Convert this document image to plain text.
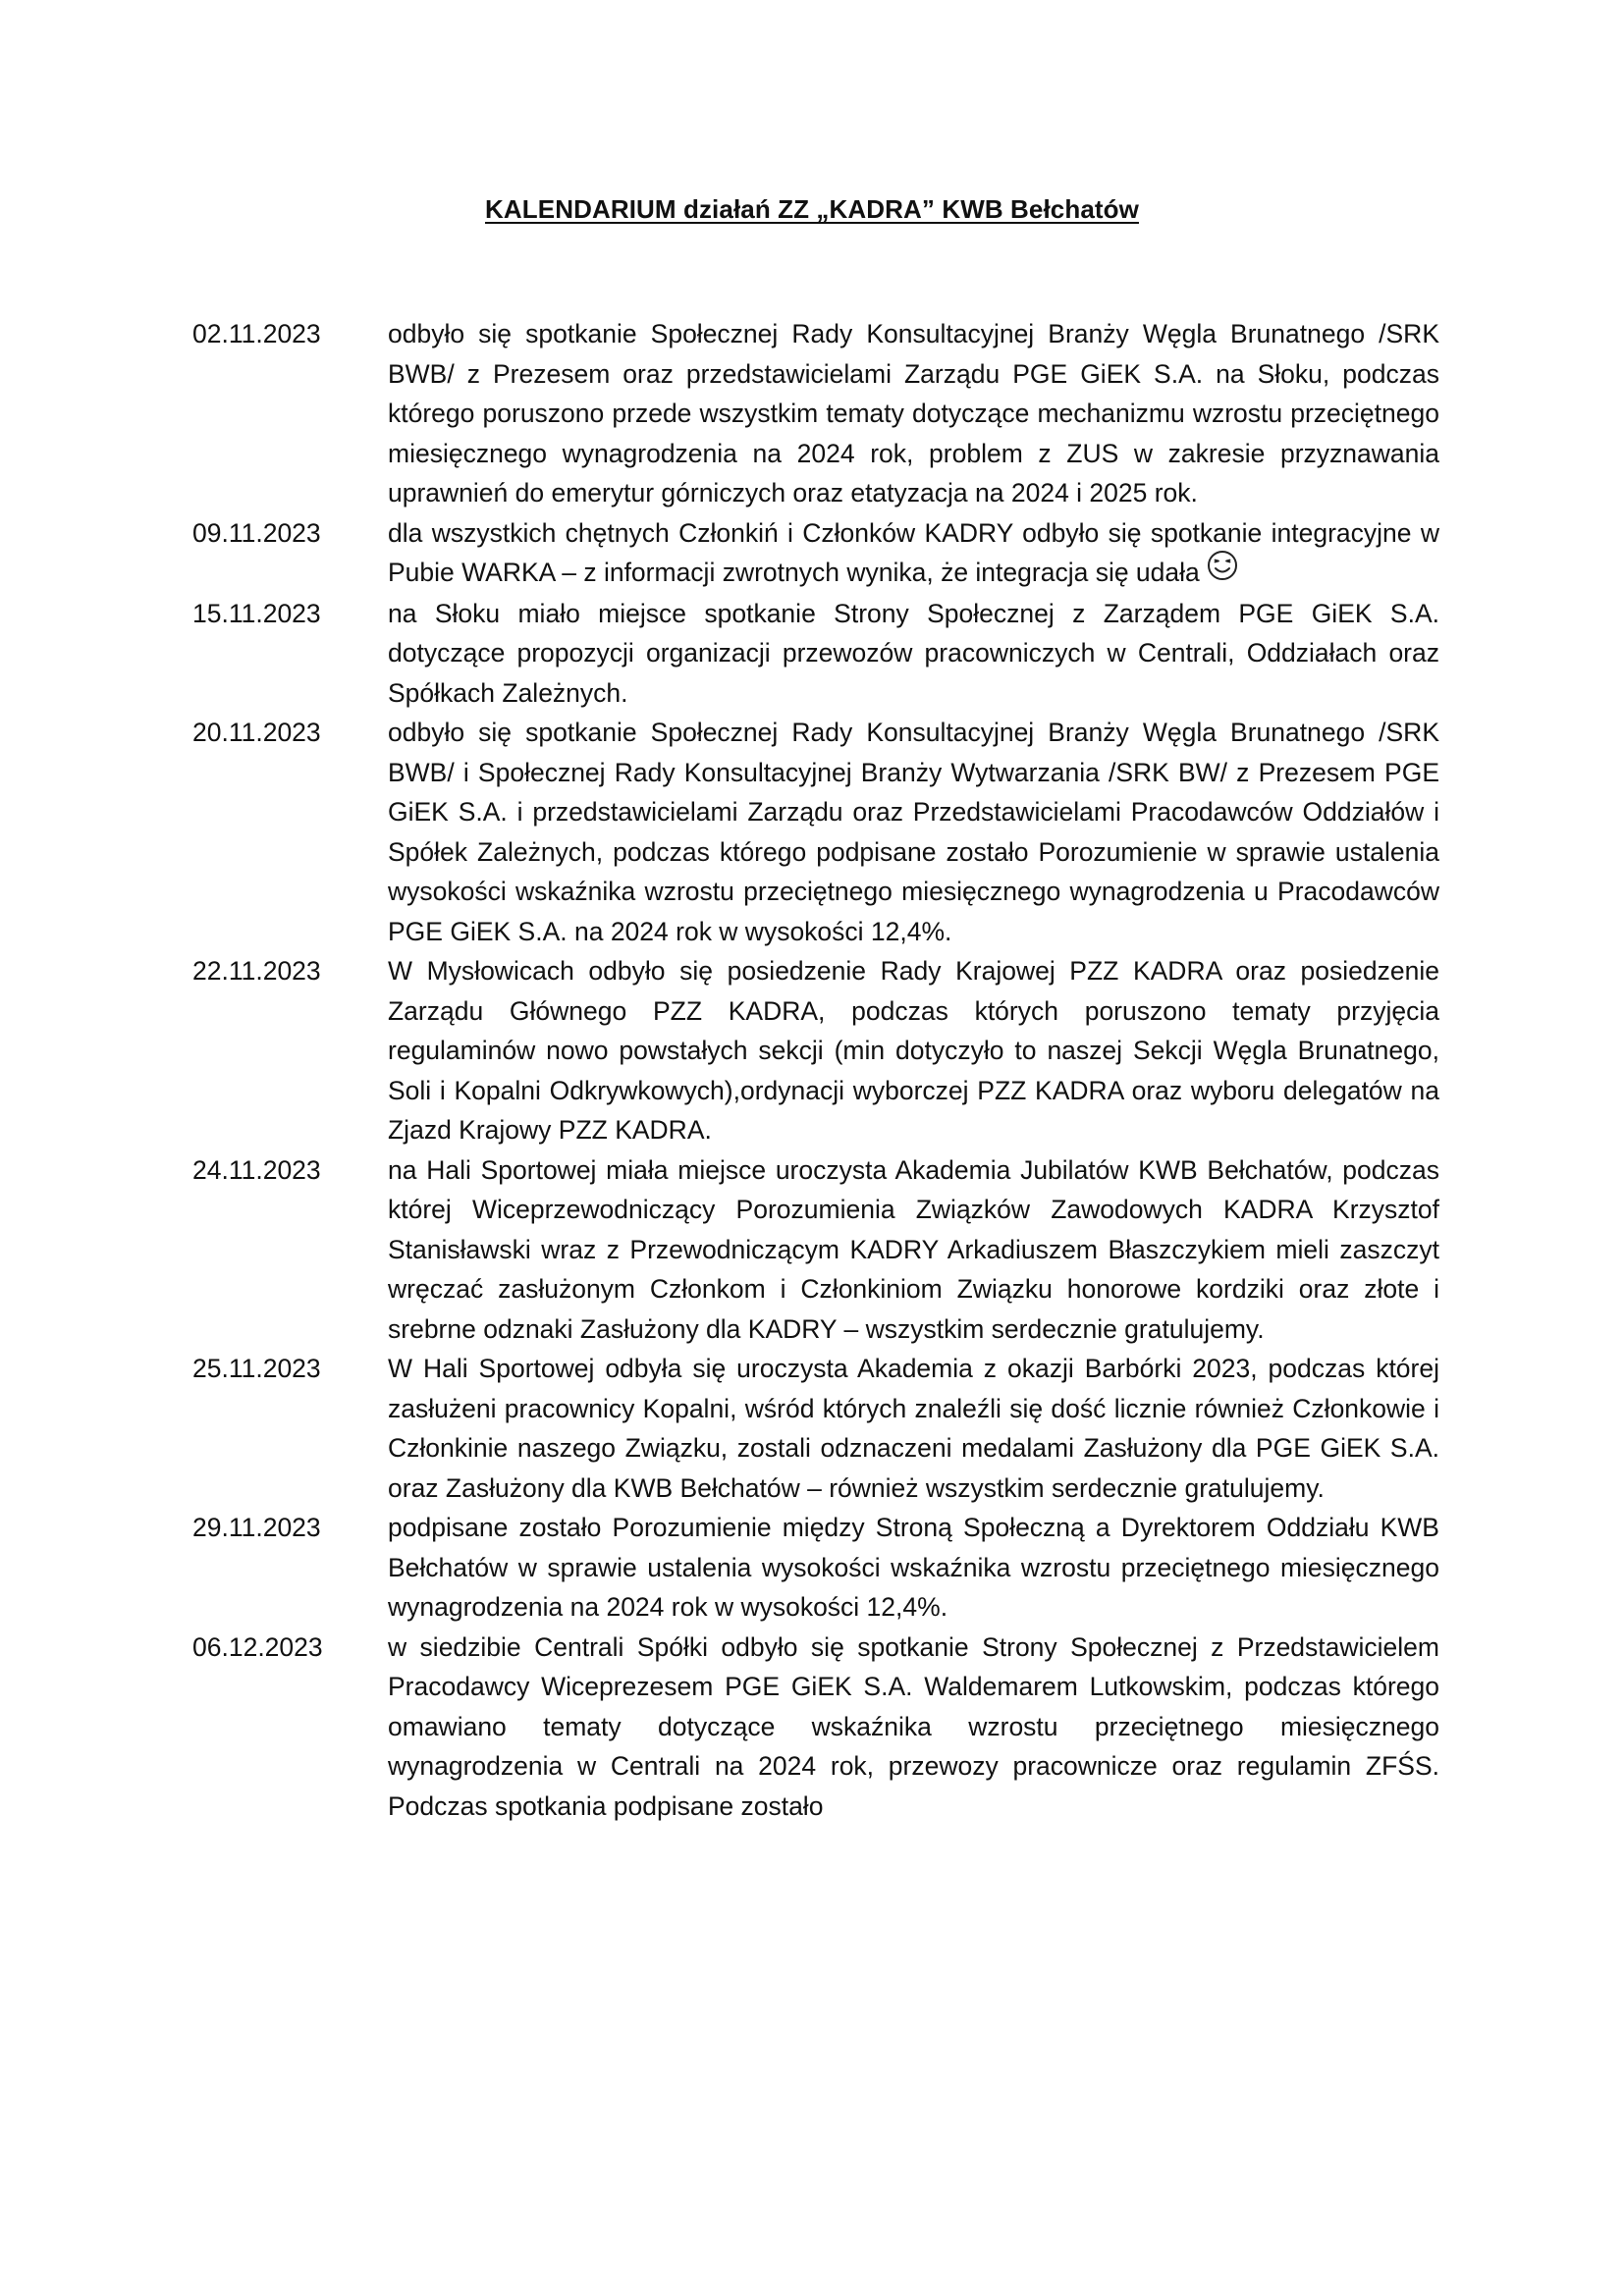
KALENDARIUM działań ZZ „KADRA” KWB Bełchatów
02.11.2023	odbyło się spotkanie Społecznej Rady Konsultacyjnej Branży Węgla Brunatnego /SRK BWB/ z Prezesem oraz przedstawicielami Zarządu PGE GiEK S.A. na Słoku, podczas którego poruszono przede wszystkim tematy dotyczące mechanizmu wzrostu przeciętnego miesięcznego wynagrodzenia na 2024 rok, problem z ZUS w zakresie przyznawania uprawnień do emerytur górniczych oraz etatyzacja na 2024 i 2025 rok.
09.11.2023	dla wszystkich chętnych Członkiń i Członków KADRY odbyło się spotkanie integracyjne w Pubie WARKA – z informacji zwrotnych wynika, że integracja się udała
15.11.2023	na Słoku miało miejsce spotkanie Strony Społecznej z Zarządem PGE GiEK S.A. dotyczące propozycji organizacji przewozów pracowniczych w Centrali, Oddziałach oraz Spółkach Zależnych.
20.11.2023	odbyło się spotkanie Społecznej Rady Konsultacyjnej Branży Węgla Brunatnego /SRK BWB/ i Społecznej Rady Konsultacyjnej Branży Wytwarzania /SRK BW/ z Prezesem PGE GiEK S.A. i przedstawicielami Zarządu oraz Przedstawicielami Pracodawców Oddziałów i Spółek Zależnych, podczas którego podpisane zostało Porozumienie w sprawie ustalenia wysokości wskaźnika wzrostu przeciętnego miesięcznego wynagrodzenia u Pracodawców PGE GiEK S.A. na 2024 rok w wysokości 12,4%.
22.11.2023	W Mysłowicach odbyło się posiedzenie Rady Krajowej PZZ KADRA oraz posiedzenie Zarządu Głównego PZZ KADRA, podczas których poruszono tematy przyjęcia regulaminów nowo powstałych sekcji (min dotyczyło to naszej Sekcji Węgla Brunatnego, Soli i Kopalni Odkrywkowych),ordynacji wyborczej PZZ KADRA oraz wyboru delegatów na Zjazd Krajowy PZZ KADRA.
24.11.2023	na Hali Sportowej miała miejsce uroczysta Akademia Jubilatów KWB Bełchatów, podczas której Wiceprzewodniczący Porozumienia Związków Zawodowych KADRA Krzysztof Stanisławski wraz z Przewodniczącym KADRY Arkadiuszem Błaszczykiem mieli zaszczyt wręczać zasłużonym Członkom i Członkiniom Związku honorowe kordziki oraz złote i srebrne odznaki Zasłużony dla KADRY – wszystkim serdecznie gratulujemy.
25.11.2023	W Hali Sportowej odbyła się uroczysta Akademia z okazji Barbórki 2023, podczas której zasłużeni pracownicy Kopalni, wśród których znaleźli się dość licznie również Członkowie i Członkinie naszego Związku, zostali odznaczeni medalami Zasłużony dla PGE GiEK S.A. oraz Zasłużony dla KWB Bełchatów – również wszystkim serdecznie gratulujemy.
29.11.2023	podpisane zostało Porozumienie między Stroną Społeczną a Dyrektorem Oddziału KWB Bełchatów w sprawie ustalenia wysokości wskaźnika wzrostu przeciętnego miesięcznego wynagrodzenia na 2024 rok w wysokości 12,4%.
06.12.2023	w siedzibie Centrali Spółki odbyło się spotkanie Strony Społecznej z Przedstawicielem Pracodawcy Wiceprezesem PGE GiEK S.A. Waldemarem Lutkowskim, podczas którego omawiano tematy dotyczące wskaźnika wzrostu przeciętnego miesięcznego wynagrodzenia w Centrali na 2024 rok, przewozy pracownicze oraz regulamin ZFŚS. Podczas spotkania podpisane zostało
